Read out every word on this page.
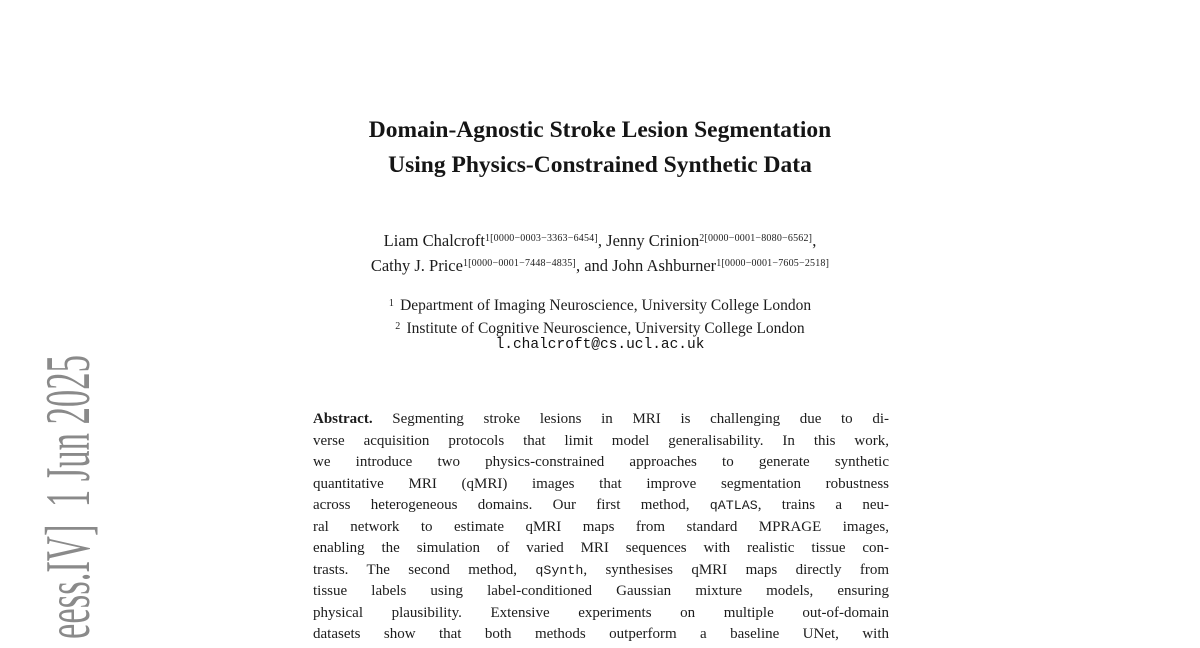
eess.IV]  1 Jun 2025

Domain-Agnostic Stroke Lesion Segmentation
Using Physics-Constrained Synthetic Data
Liam Chalcroft$^{1[0000-0003-3363-6454]}$, Jenny Crinion$^{2[0000-0001-8080-6562]}$,
Cathy J. Price$^{1[0000-0001-7448-4835]}$, and John Ashburner$^{1[0000-0001-7605-2518]}$
$^1$ Department of Imaging Neuroscience, University College London
$^2$ Institute of Cognitive Neuroscience, University College London
l.chalcroft@cs.ucl.ac.uk
Abstract. Segmenting stroke lesions in MRI is challenging due to di-
verse acquisition protocols that limit model generalisability. In this work,
we introduce two physics-constrained approaches to generate synthetic
quantitative MRI (qMRI) images that improve segmentation robustness
across heterogeneous domains. Our first method, qATLAS, trains a neu-
ral network to estimate qMRI maps from standard MPRAGE images,
enabling the simulation of varied MRI sequences with realistic tissue con-
trasts. The second method, qSynth, synthesises qMRI maps directly from
tissue labels using label-conditioned Gaussian mixture models, ensuring
physical plausibility. Extensive experiments on multiple out-of-domain
datasets show that both methods outperform a baseline UNet, with
